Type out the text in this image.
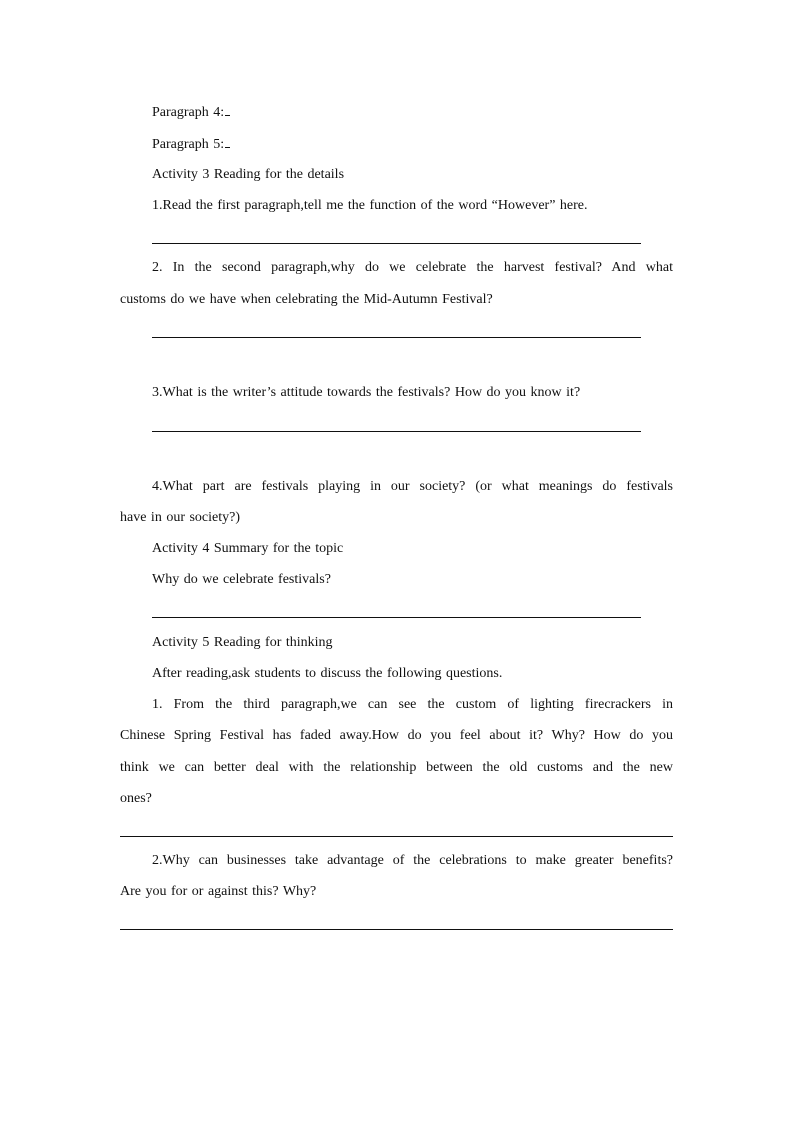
Paragraph 4:
Paragraph 5:
Activity 3 Reading for the details
1.Read the first paragraph,tell me the function of the word “However” here.
2. In the second paragraph,why do we celebrate the harvest festival? And what
customs do we have when celebrating the Mid-Autumn Festival?
3.What is the writer’s attitude towards the festivals? How do you know it?
4.What part are festivals playing in our society? (or what meanings do festivals
have in our society?)
Activity 4 Summary for the topic
Why do we celebrate festivals?
Activity 5 Reading for thinking
After reading,ask students to discuss the following questions.
1. From the third paragraph,we can see the custom of lighting firecrackers in
Chinese Spring Festival has faded away.How do you feel about it? Why? How do you
think we can better deal with the relationship between the old customs and the new
ones?
2.Why can businesses take advantage of the celebrations to make greater benefits?
Are you for or against this? Why?
